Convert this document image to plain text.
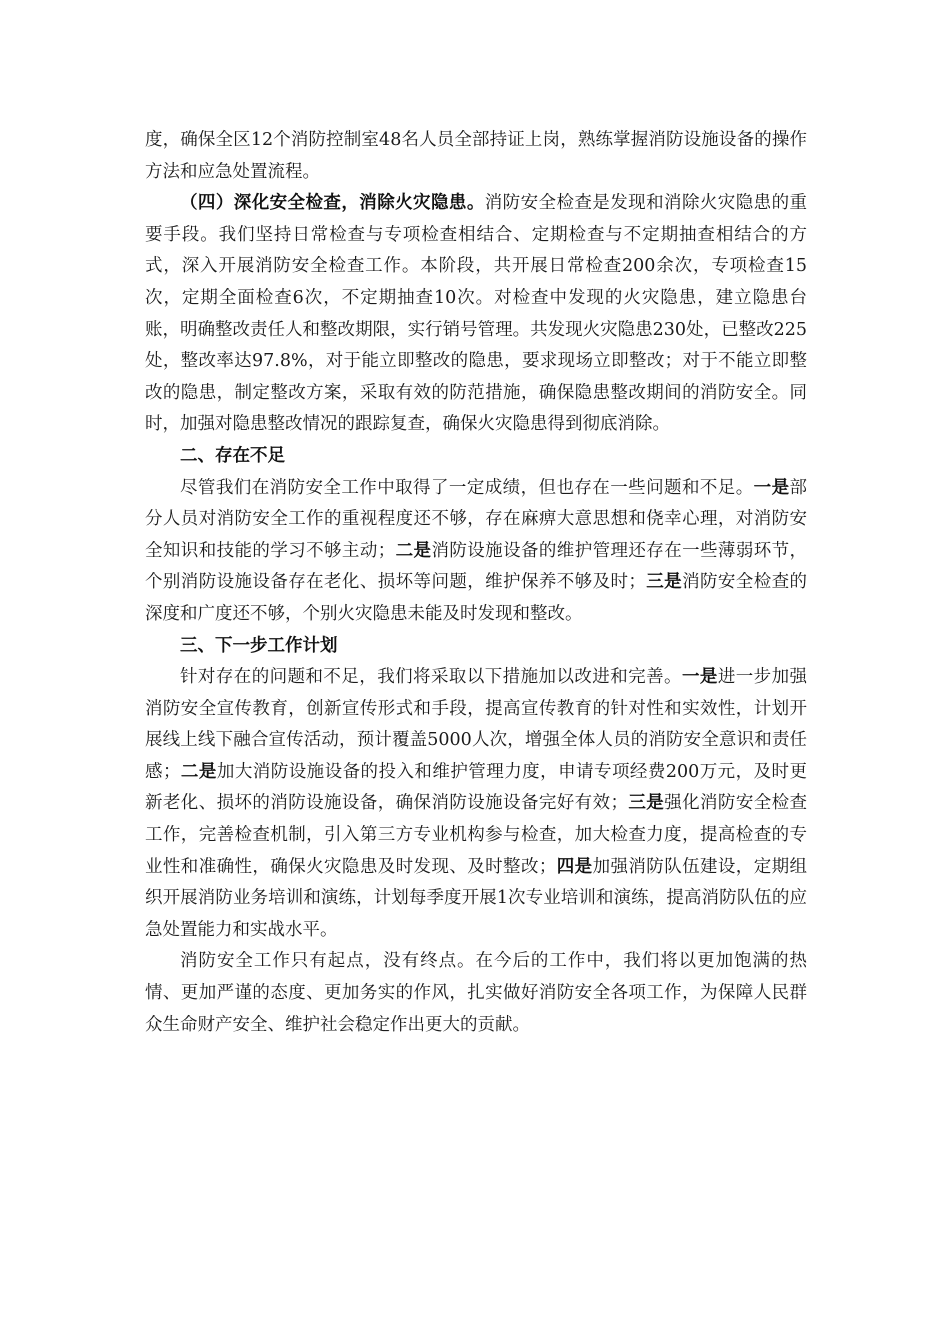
度，确保全区12个消防控制室48名人员全部持证上岗，熟练掌握消防设施设备的操作方法和应急处置流程。

（四）深化安全检查，消除火灾隐患。消防安全检查是发现和消除火灾隐患的重要手段。我们坚持日常检查与专项检查相结合、定期检查与不定期抽查相结合的方式，深入开展消防安全检查工作。本阶段，共开展日常检查200余次，专项检查15次，定期全面检查6次，不定期抽查10次。对检查中发现的火灾隐患，建立隐患台账，明确整改责任人和整改期限，实行销号管理。共发现火灾隐患230处，已整改225处，整改率达97.8%，对于能立即整改的隐患，要求现场立即整改；对于不能立即整改的隐患，制定整改方案，采取有效的防范措施，确保隐患整改期间的消防安全。同时，加强对隐患整改情况的跟踪复查，确保火灾隐患得到彻底消除。

二、存在不足

尽管我们在消防安全工作中取得了一定成绩，但也存在一些问题和不足。一是部分人员对消防安全工作的重视程度还不够，存在麻痹大意思想和侥幸心理，对消防安全知识和技能的学习不够主动；二是消防设施设备的维护管理还存在一些薄弱环节，个别消防设施设备存在老化、损坏等问题，维护保养不够及时；三是消防安全检查的深度和广度还不够，个别火灾隐患未能及时发现和整改。

三、下一步工作计划

针对存在的问题和不足，我们将采取以下措施加以改进和完善。一是进一步加强消防安全宣传教育，创新宣传形式和手段，提高宣传教育的针对性和实效性，计划开展线上线下融合宣传活动，预计覆盖5000人次，增强全体人员的消防安全意识和责任感；二是加大消防设施设备的投入和维护管理力度，申请专项经费200万元，及时更新老化、损坏的消防设施设备，确保消防设施设备完好有效；三是强化消防安全检查工作，完善检查机制，引入第三方专业机构参与检查，加大检查力度，提高检查的专业性和准确性，确保火灾隐患及时发现、及时整改；四是加强消防队伍建设，定期组织开展消防业务培训和演练，计划每季度开展1次专业培训和演练，提高消防队伍的应急处置能力和实战水平。

消防安全工作只有起点，没有终点。在今后的工作中，我们将以更加饱满的热情、更加严谨的态度、更加务实的作风，扎实做好消防安全各项工作，为保障人民群众生命财产安全、维护社会稳定作出更大的贡献。
